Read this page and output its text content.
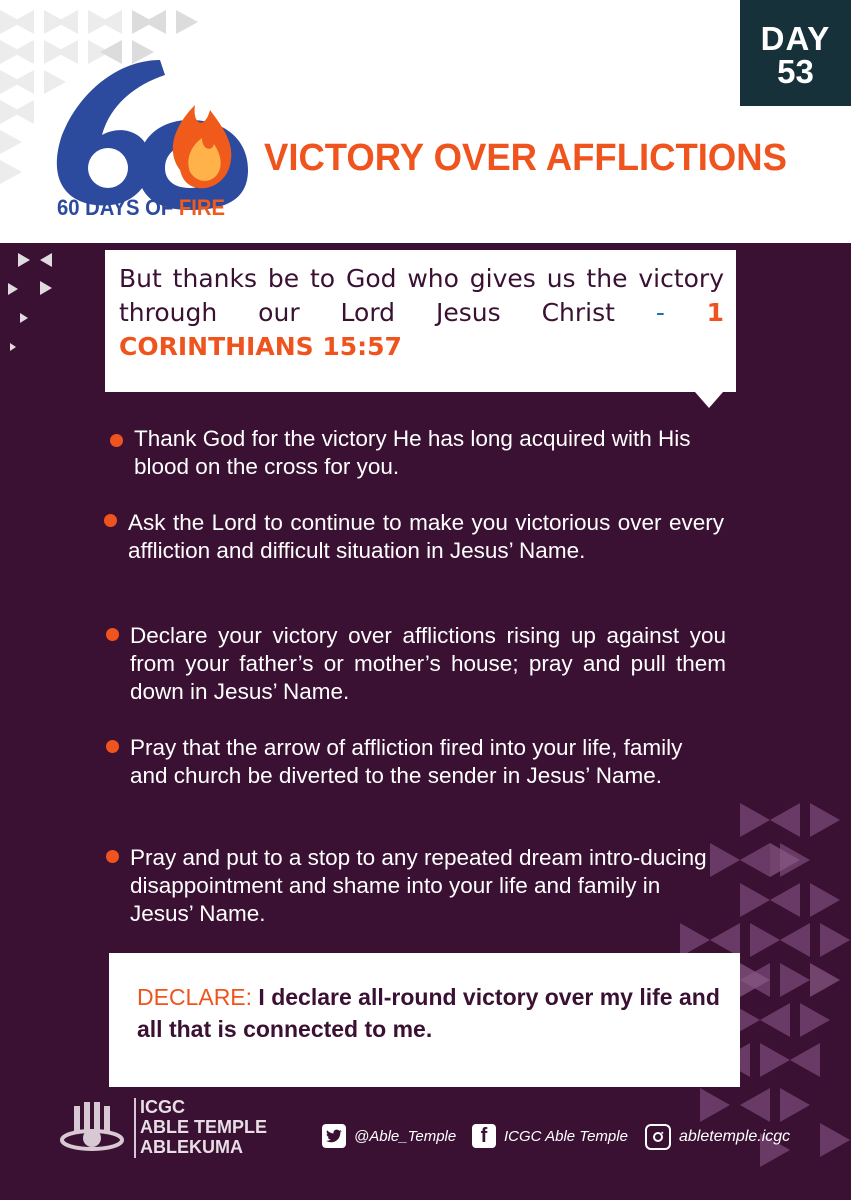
DAY
53
60 DAYS OF FIRE
VICTORY OVER AFFLICTIONS
But thanks be to God who gives us the victory through our Lord Jesus Christ - 1 CORINTHIANS 15:57
Thank God for the victory He has long acquired with His blood on the cross for you.
Ask the Lord to continue to make you victorious over every affliction and difficult situation in Jesus’ Name.
Declare your victory over afflictions rising up against you from your father’s or mother’s house; pray and pull them down in Jesus’ Name.
Pray that the arrow of affliction fired into your life, family and church be diverted to the sender in Jesus’ Name.
Pray and put to a stop to any repeated dream intro-ducing disappointment and shame into your life and family in Jesus’ Name.
DECLARE: I declare all-round victory over my life and all that is connected to me.
ICGC
ABLE TEMPLE
ABLEKUMA
@Able_Temple	f	ICGC Able Temple	abletemple.icgc
